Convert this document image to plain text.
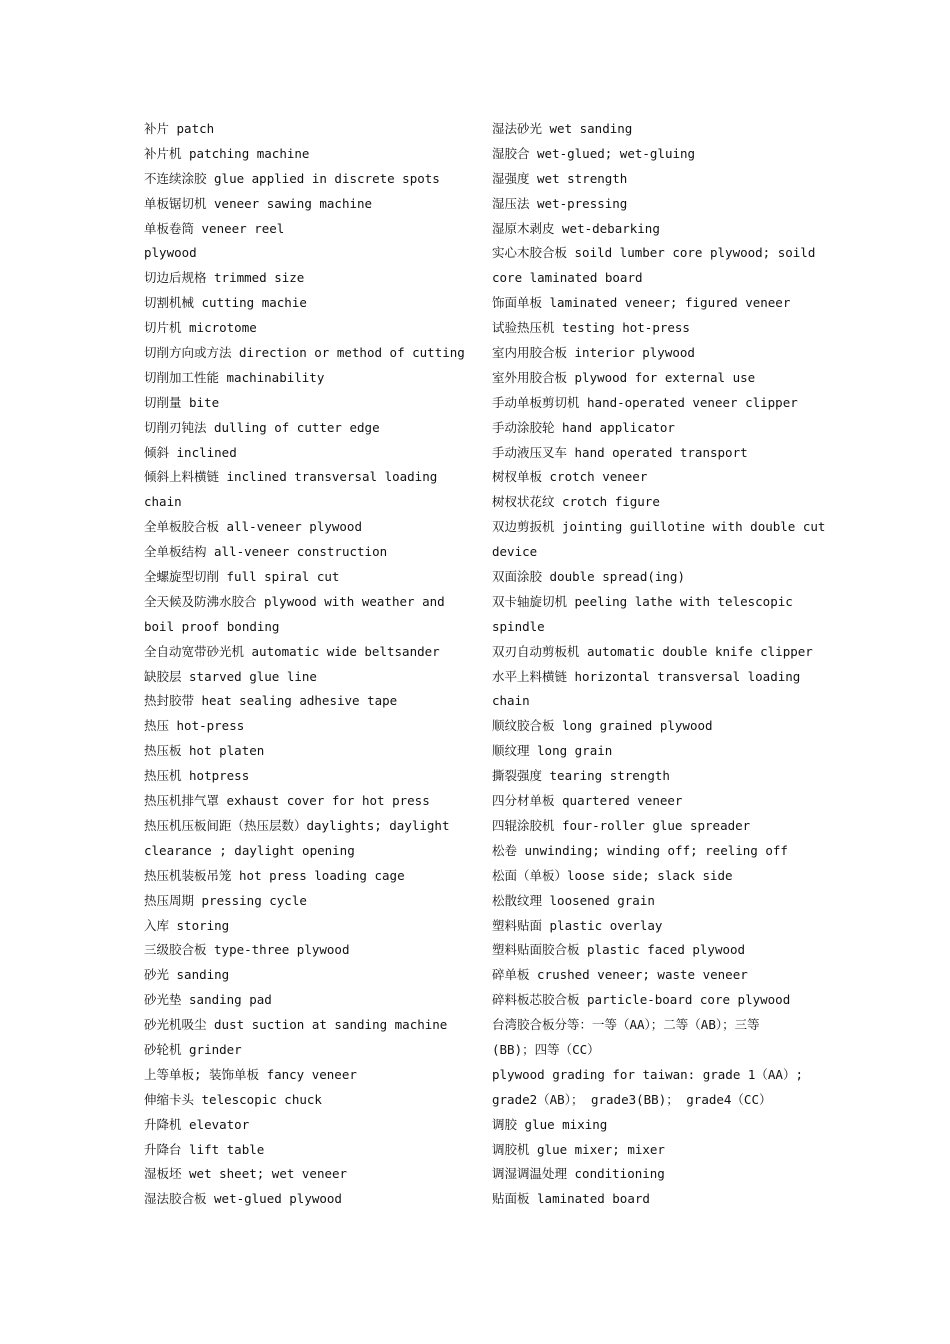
补片 patch
补片机 patching machine
不连续涂胶 glue applied in discrete spots
单板锯切机 veneer sawing machine
单板卷筒 veneer reel
plywood
切边后规格 trimmed size
切割机械 cutting machie
切片机 microtome
切削方向或方法 direction or method of cutting
切削加工性能 machinability
切削量 bite
切削刃钝法 dulling of cutter edge
倾斜 inclined
倾斜上料横链 inclined transversal loading
chain
全单板胶合板 all-veneer plywood
全单板结构 all-veneer construction
全螺旋型切削 full spiral cut
全天候及防沸水胶合 plywood with weather and
boil proof bonding
全自动宽带砂光机 automatic wide beltsander
缺胶层 starved glue line
热封胶带 heat sealing adhesive tape
热压 hot-press
热压板 hot platen
热压机 hotpress
热压机排气罩 exhaust cover for hot press
热压机压板间距（热压层数）daylights; daylight
clearance ; daylight opening
热压机装板吊笼 hot press loading cage
热压周期 pressing cycle
入库 storing
三级胶合板 type-three plywood
砂光 sanding
砂光垫 sanding pad
砂光机吸尘 dust suction at sanding machine
砂轮机 grinder
上等单板; 装饰单板 fancy veneer
伸缩卡头 telescopic chuck
升降机 elevator
升降台 lift table
湿板坯 wet sheet; wet veneer
湿法胶合板 wet-glued plywood
湿法砂光 wet sanding
湿胶合 wet-glued; wet-gluing
湿强度 wet strength
湿压法 wet-pressing
湿原木剥皮 wet-debarking
实心木胶合板 soild lumber core plywood; soild
core laminated board
饰面单板 laminated veneer; figured veneer
试验热压机 testing hot-press
室内用胶合板 interior plywood
室外用胶合板 plywood for external use
手动单板剪切机 hand-operated veneer clipper
手动涂胶轮 hand applicator
手动液压叉车 hand operated transport
树杈单板 crotch veneer
树杈状花纹 crotch figure
双边剪扳机 jointing guillotine with double cut
device
双面涂胶 double spread(ing)
双卡轴旋切机 peeling lathe with telescopic
spindle
双刃自动剪板机 automatic double knife clipper
水平上料横链 horizontal transversal loading
chain
顺纹胶合板 long grained plywood
顺纹理 long grain
撕裂强度 tearing strength
四分材单板 quartered veneer
四辊涂胶机 four-roller glue spreader
松卷 unwinding; winding off; reeling off
松面（单板）loose side; slack side
松散纹理 loosened grain
塑料贴面 plastic overlay
塑料贴面胶合板 plastic faced plywood
碎单板 crushed veneer; waste veneer
碎料板芯胶合板 particle-board core plywood
台湾胶合板分等：一等（AA）；二等（AB）；三等
(BB)；四等（CC）
plywood grading for taiwan: grade 1（AA）;
grade2（AB）； grade3(BB)； grade4（CC）
调胶 glue mixing
调胶机 glue mixer; mixer
调湿调温处理 conditioning
贴面板 laminated board
